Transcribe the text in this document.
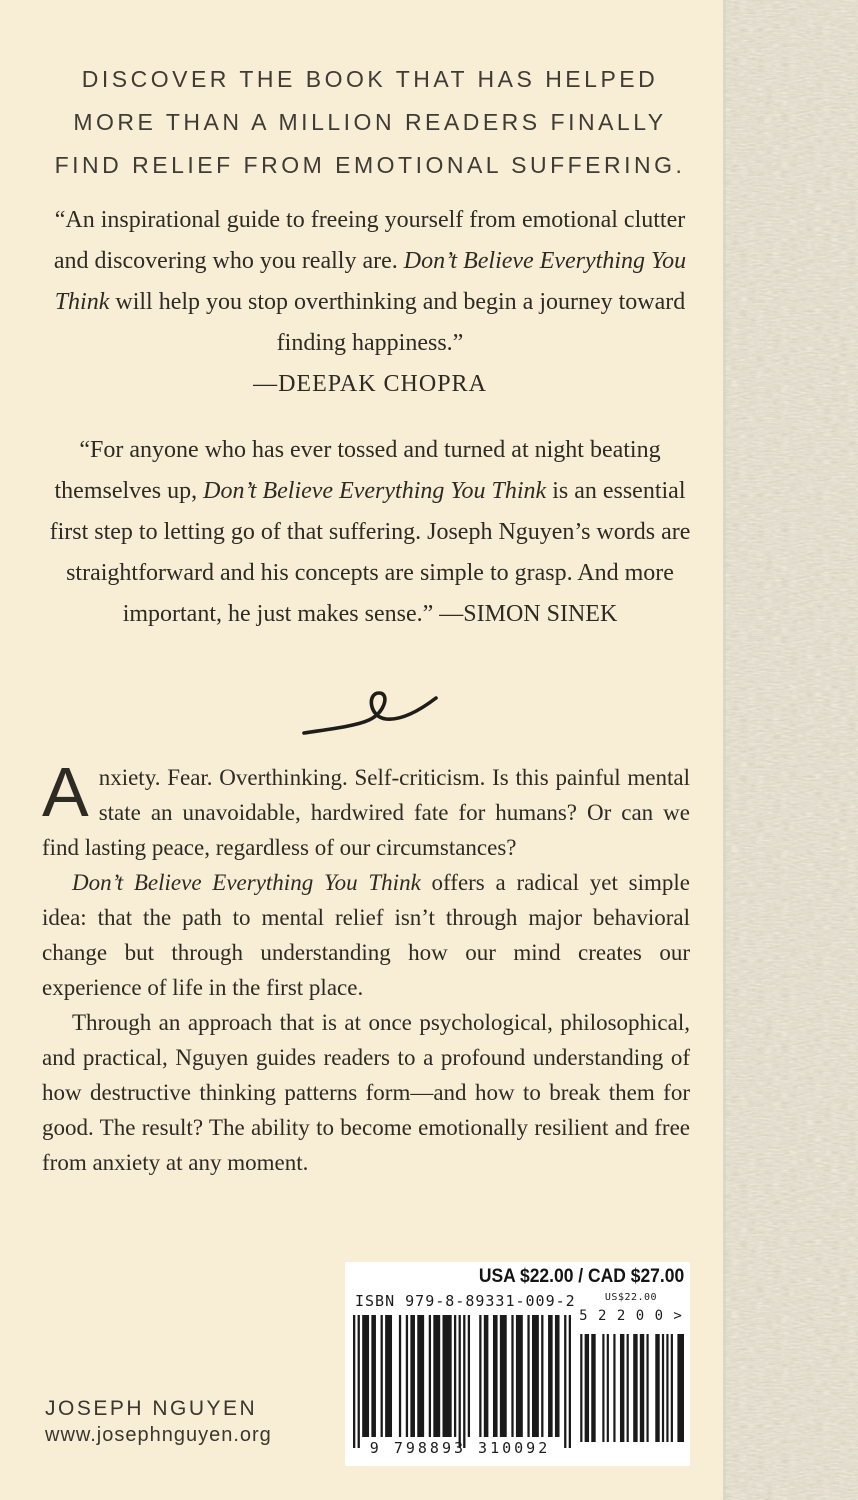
DISCOVER THE BOOK THAT HAS HELPED
MORE THAN A MILLION READERS FINALLY
FIND RELIEF FROM EMOTIONAL SUFFERING.

“An inspirational guide to freeing yourself from emotional clutter and discovering who you really are. Don’t Believe Everything You Think will help you stop overthinking and begin a journey toward finding happiness.”

—DEEPAK CHOPRA

“For anyone who has ever tossed and turned at night beating themselves up, Don’t Believe Everything You Think is an essential first step to letting go of that suffering. Joseph Nguyen’s words are straightforward and his concepts are simple to grasp. And more important, he just makes sense.” —SIMON SINEK

Anxiety. Fear. Overthinking. Self-criticism. Is this painful mental state an unavoidable, hardwired fate for humans? Or can we find lasting peace, regardless of our circumstances?

Don’t Believe Everything You Think offers a radical yet simple idea: that the path to mental relief isn’t through major behavioral change but through understanding how our mind creates our experience of life in the first place.

Through an approach that is at once psychological, philosophical, and practical, Nguyen guides readers to a profound understanding of how destructive thinking patterns form—and how to break them for good. The result? The ability to become emotionally resilient and free from anxiety at any moment.

USA $22.00 / CAD $27.00
ISBN 979-8-89331-009-2
9 798893 310092
US$22.00
5 2 2 0 0 >
JOSEPH NGUYEN
www.josephnguyen.org
